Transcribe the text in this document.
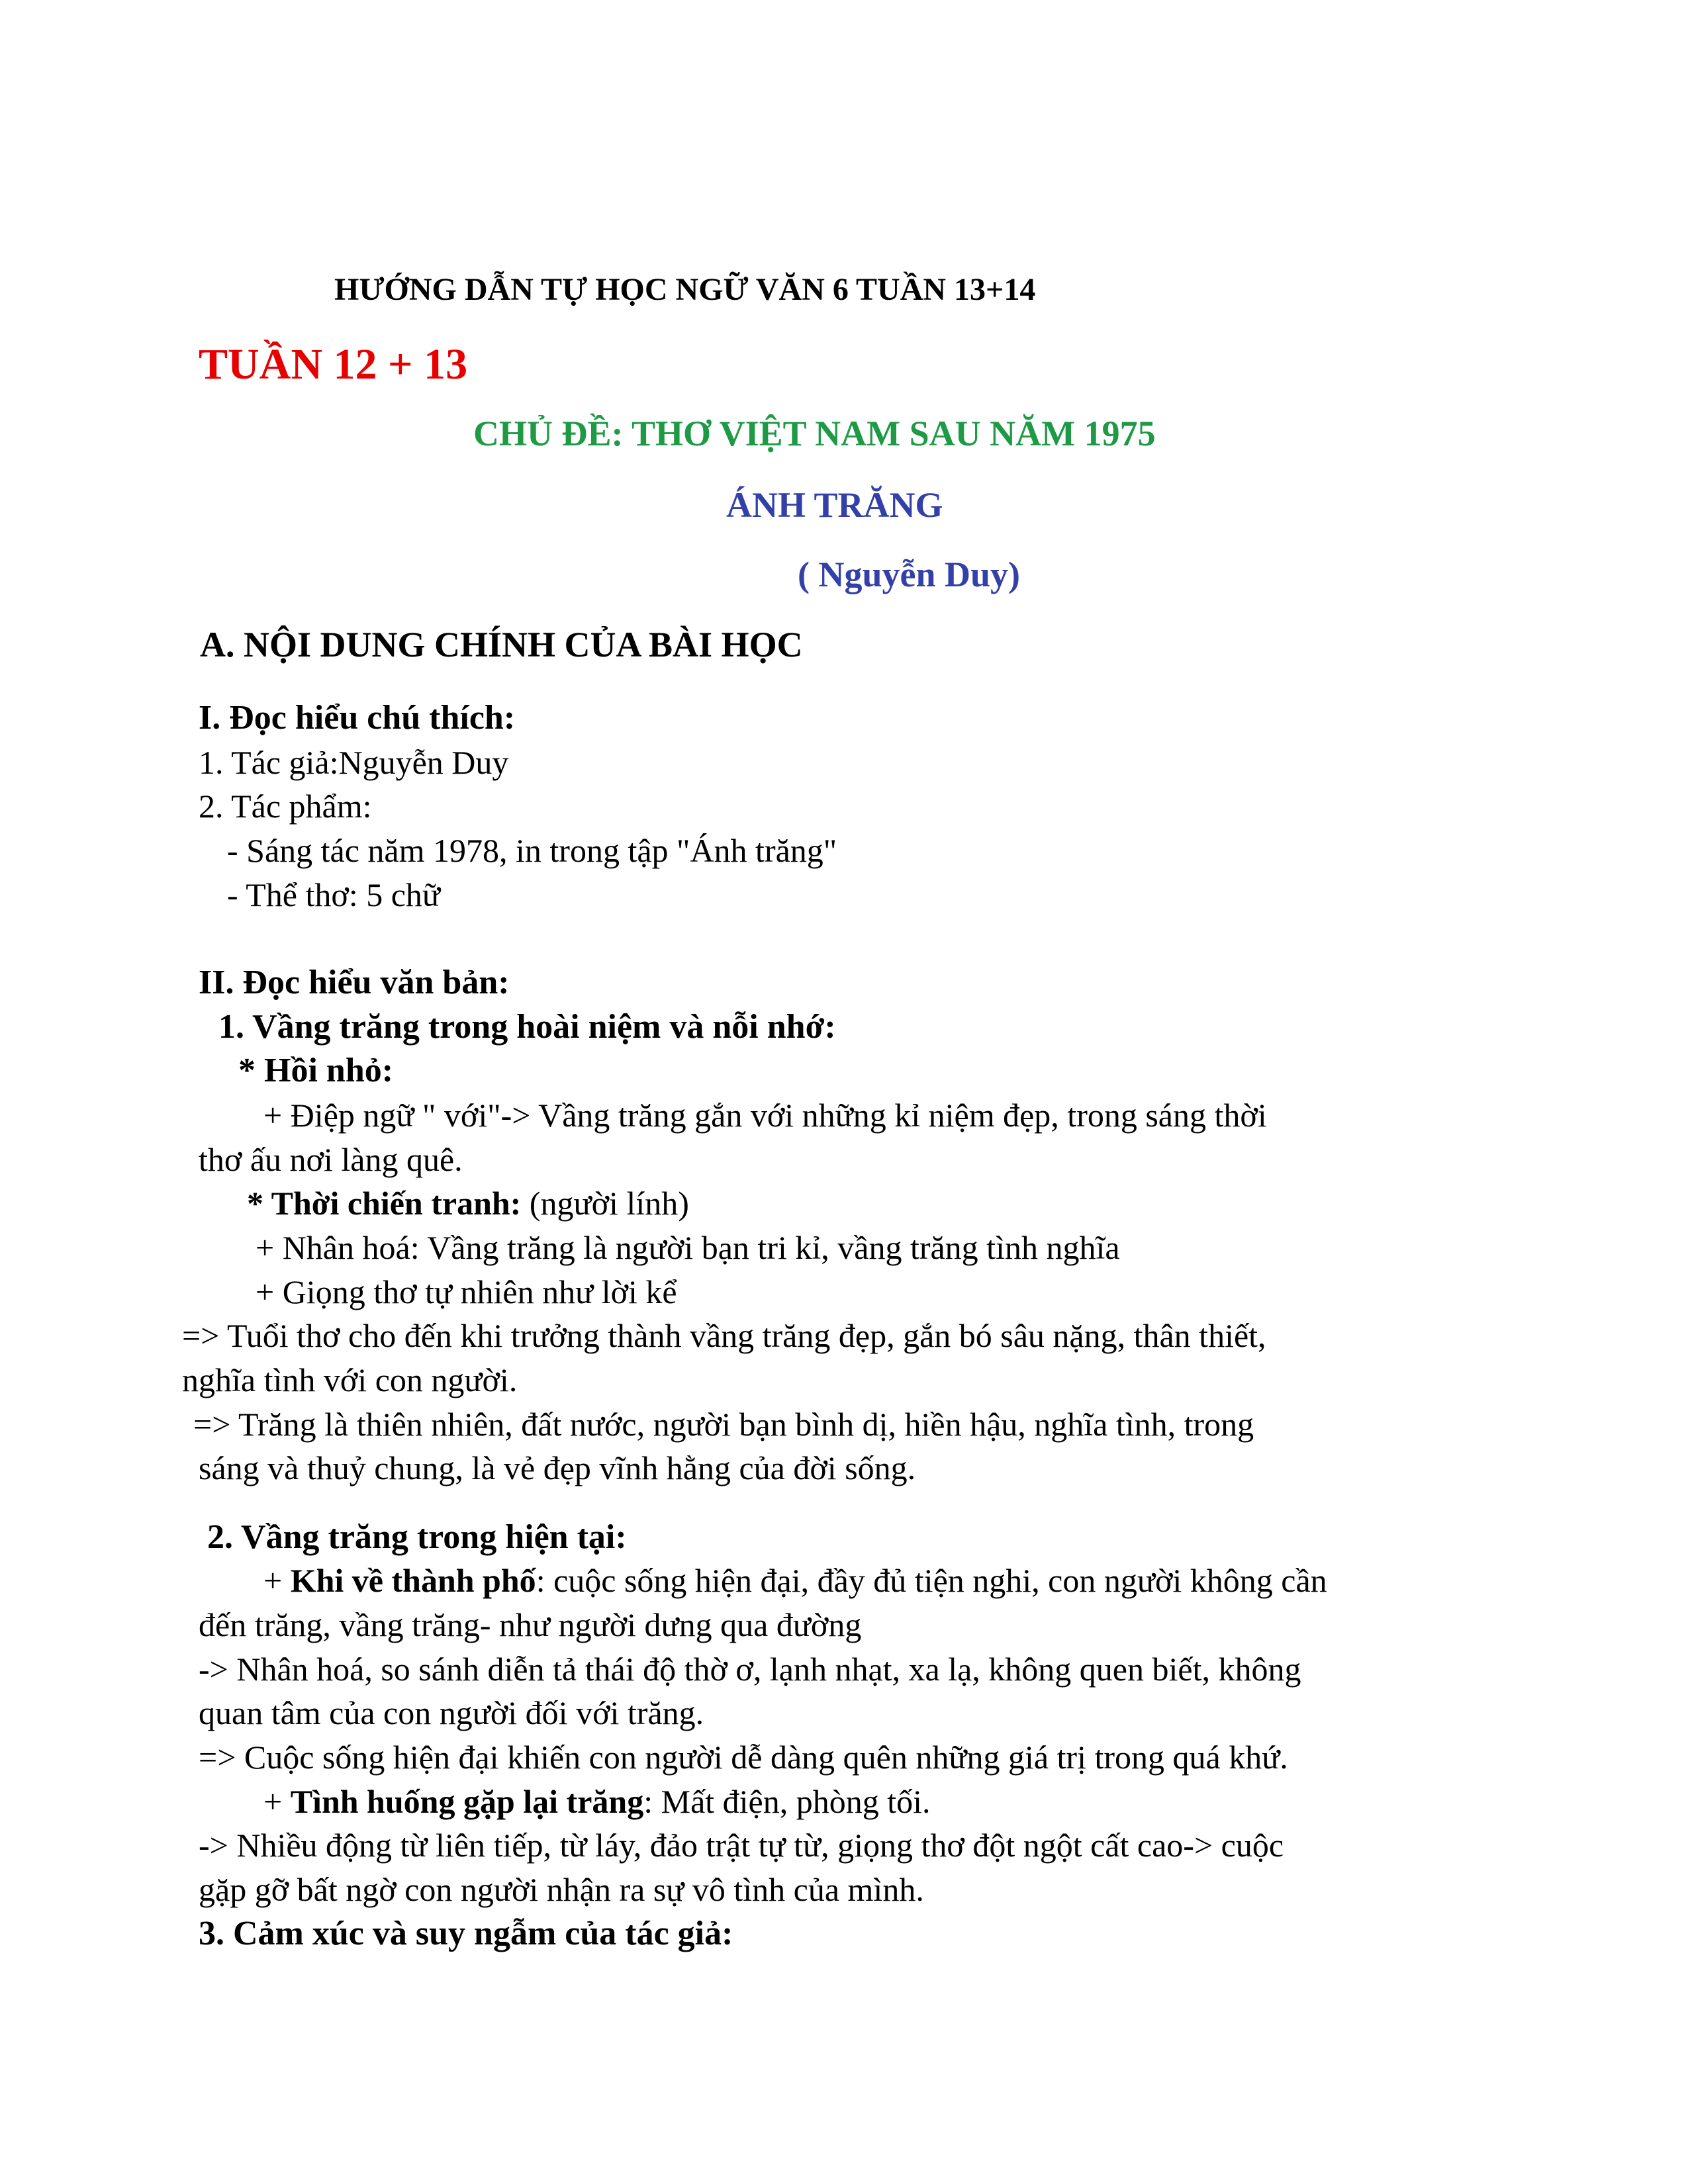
HƯỚNG DẪN TỰ HỌC NGỮ VĂN 6 TUẦN 13+14
TUẦN 12 + 13
CHỦ ĐỀ: THƠ VIỆT NAM SAU NĂM 1975
ÁNH TRĂNG
( Nguyễn Duy)
A. NỘI DUNG CHÍNH CỦA BÀI HỌC
I. Đọc hiểu chú thích:
1. Tác giả:Nguyễn Duy
2. Tác phẩm:
- Sáng tác năm 1978, in trong tập "Ánh trăng"
- Thể thơ: 5 chữ
II. Đọc hiểu văn bản:
1. Vầng trăng trong hoài niệm và nỗi nhớ:
* Hồi nhỏ:
+ Điệp ngữ " với"-> Vầng trăng gắn với những kỉ niệm đẹp, trong sáng thời
thơ ấu nơi làng quê.
* Thời chiến tranh: (người lính)
+ Nhân hoá: Vầng trăng là người bạn tri kỉ, vầng trăng tình nghĩa
+ Giọng thơ tự nhiên như lời kể
=> Tuổi thơ cho đến khi trưởng thành vầng trăng đẹp, gắn bó sâu nặng, thân thiết,
nghĩa tình với con người.
=> Trăng là thiên nhiên, đất nước, người bạn bình dị, hiền hậu, nghĩa tình, trong
sáng và thuỷ chung, là vẻ đẹp vĩnh hằng của đời sống.
2. Vầng trăng trong hiện tại:
+ Khi về thành phố: cuộc sống hiện đại, đầy đủ tiện nghi, con người không cần
đến trăng, vầng trăng- như người dưng qua đường
-> Nhân hoá, so sánh diễn tả thái độ thờ ơ, lạnh nhạt, xa lạ, không quen biết, không
quan tâm của con người đối với trăng.
=> Cuộc sống hiện đại khiến con người dễ dàng quên những giá trị trong quá khứ.
+ Tình huống gặp lại trăng: Mất điện, phòng tối.
-> Nhiều động từ liên tiếp, từ láy, đảo trật tự từ, giọng thơ đột ngột cất cao-> cuộc
gặp gỡ bất ngờ con người nhận ra sự vô tình của mình.
3. Cảm xúc và suy ngẫm của tác giả:
